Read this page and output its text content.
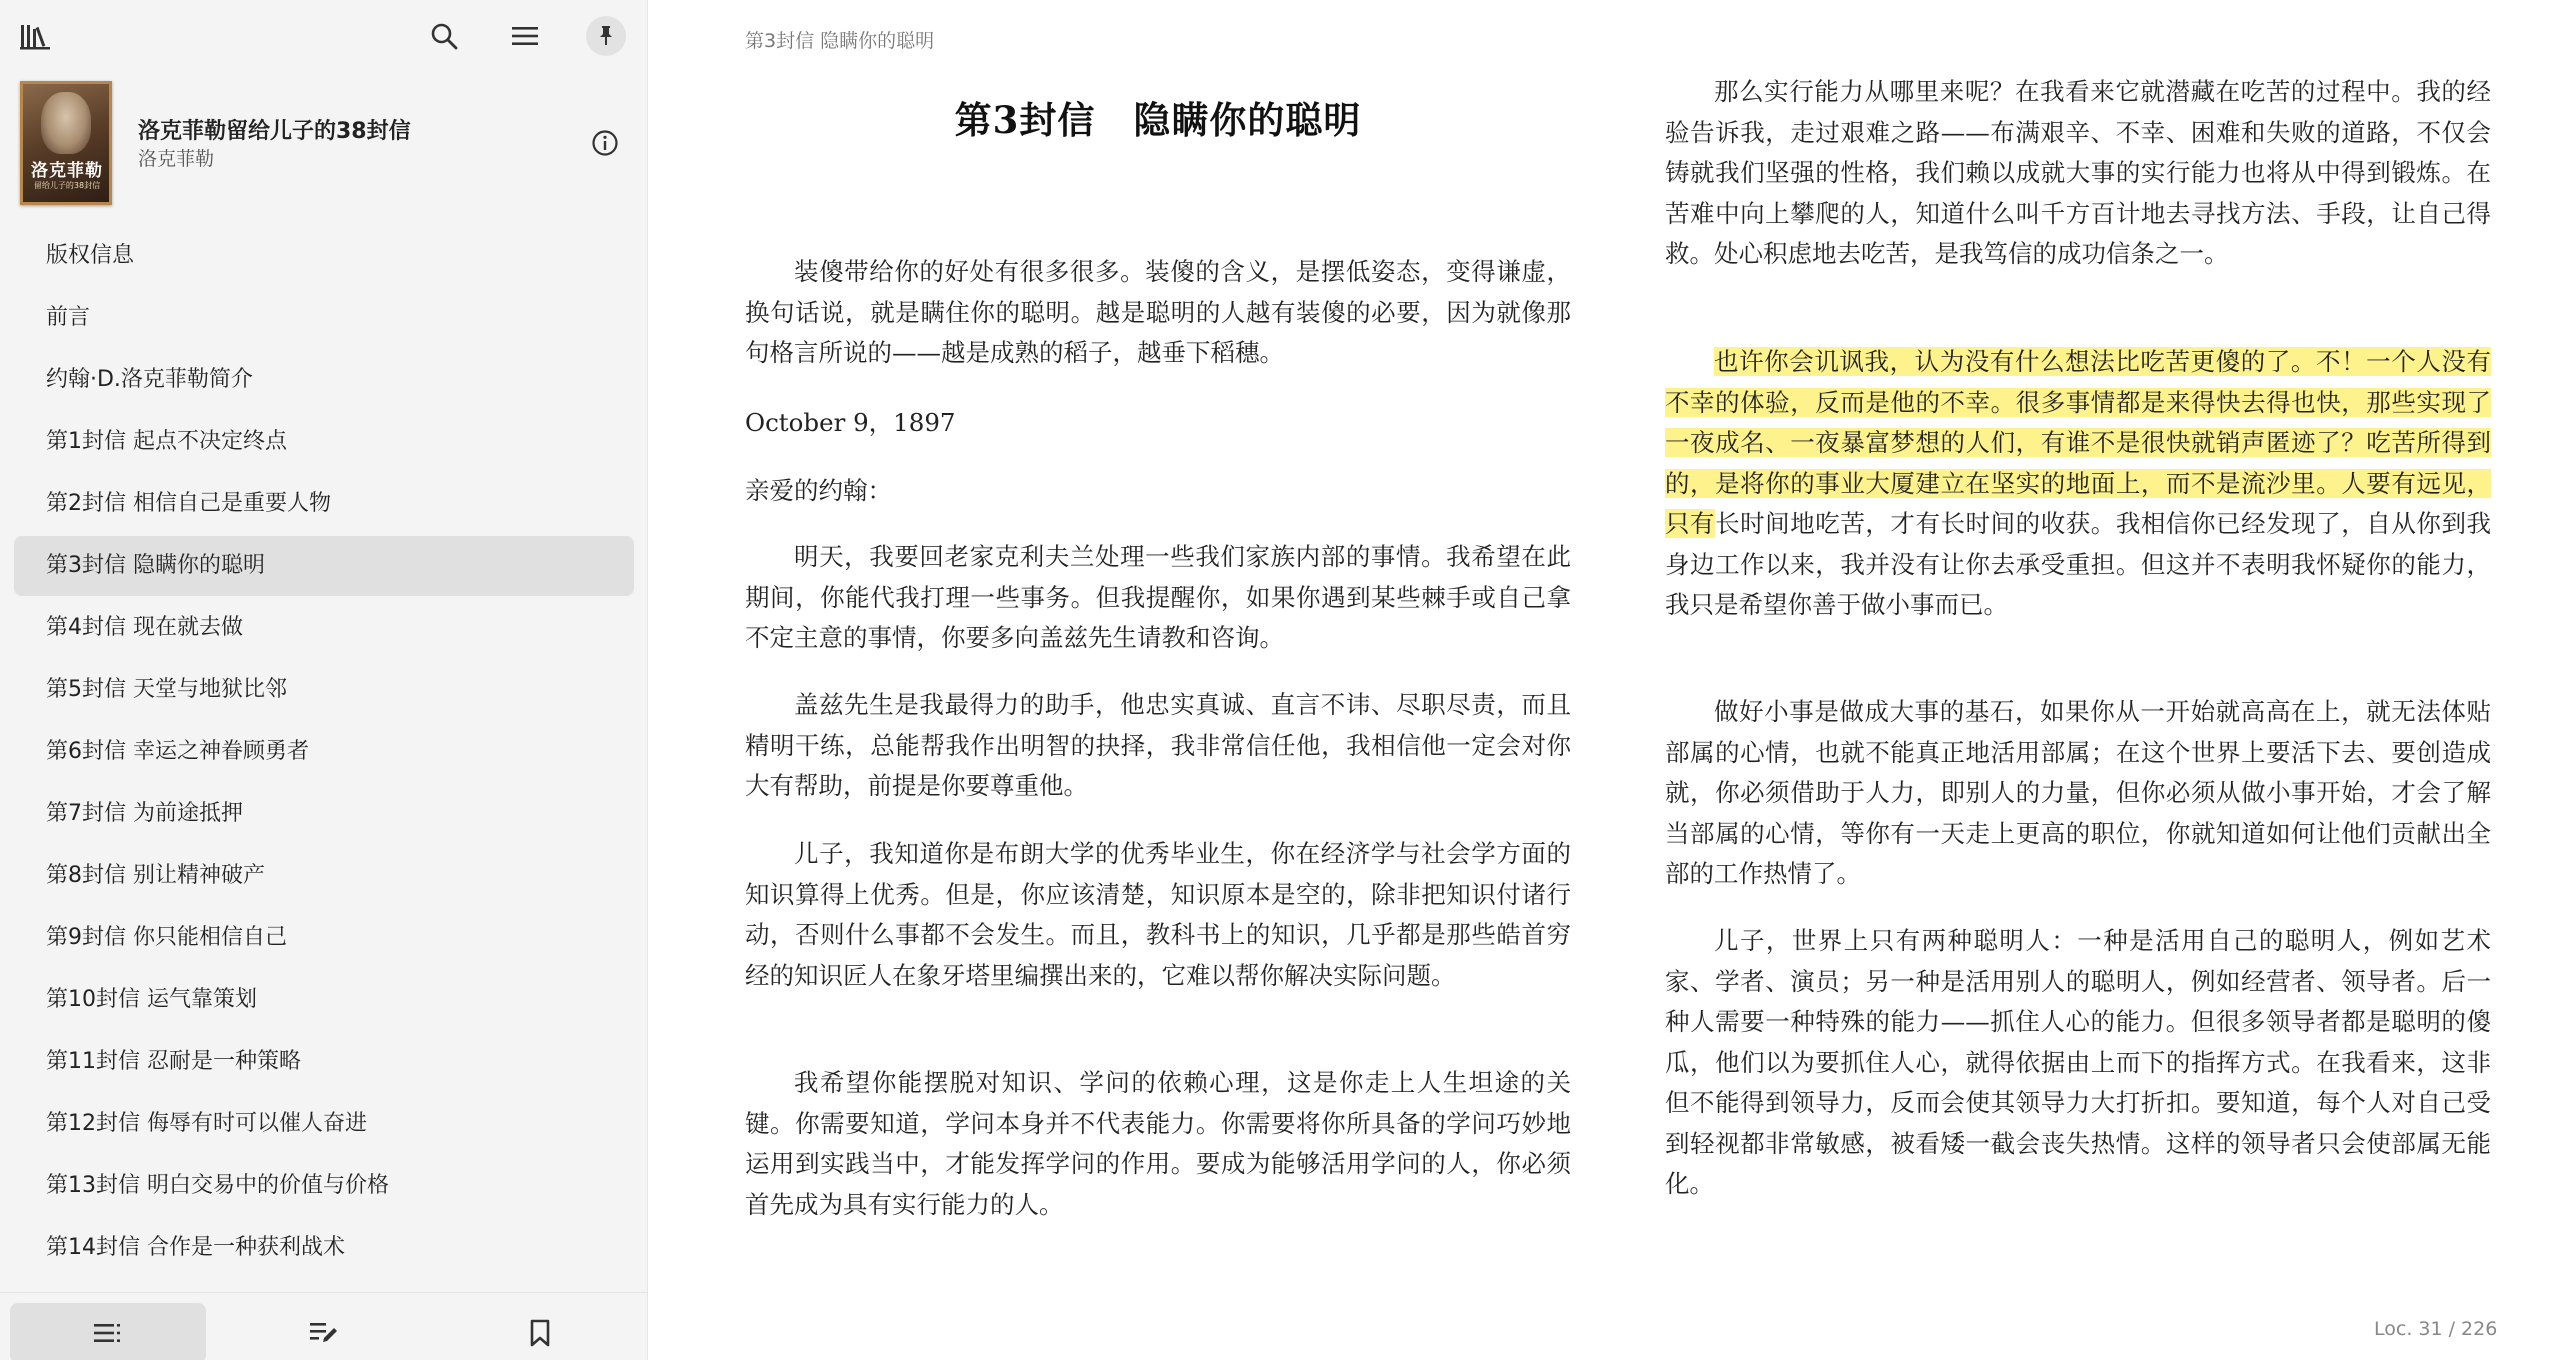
洛克菲勒
留给儿子的38封信
洛克菲勒留给儿子的38封信
洛克菲勒
版权信息
前言
约翰·D.洛克菲勒简介
第1封信 起点不决定终点
第2封信 相信自己是重要人物
第3封信 隐瞒你的聪明
第4封信 现在就去做
第5封信 天堂与地狱比邻
第6封信 幸运之神眷顾勇者
第7封信 为前途抵押
第8封信 别让精神破产
第9封信 你只能相信自己
第10封信 运气靠策划
第11封信 忍耐是一种策略
第12封信 侮辱有时可以催人奋进
第13封信 明白交易中的价值与价格
第14封信 合作是一种获利战术
第3封信 隐瞒你的聪明
第3封信　隐瞒你的聪明
装傻带给你的好处有很多很多。装傻的含义，是摆低姿态，变得谦虚，换句话说，就是瞒住你的聪明。越是聪明的人越有装傻的必要，因为就像那句格言所说的——越是成熟的稻子，越垂下稻穗。
October 9，1897
亲爱的约翰：
明天，我要回老家克利夫兰处理一些我们家族内部的事情。我希望在此期间，你能代我打理一些事务。但我提醒你，如果你遇到某些棘手或自己拿不定主意的事情，你要多向盖兹先生请教和咨询。
盖兹先生是我最得力的助手，他忠实真诚、直言不讳、尽职尽责，而且精明干练，总能帮我作出明智的抉择，我非常信任他，我相信他一定会对你大有帮助，前提是你要尊重他。
儿子，我知道你是布朗大学的优秀毕业生，你在经济学与社会学方面的知识算得上优秀。但是，你应该清楚，知识原本是空的，除非把知识付诸行动，否则什么事都不会发生。而且，教科书上的知识，几乎都是那些皓首穷经的知识匠人在象牙塔里编撰出来的，它难以帮你解决实际问题。
我希望你能摆脱对知识、学问的依赖心理，这是你走上人生坦途的关键。你需要知道，学问本身并不代表能力。你需要将你所具备的学问巧妙地运用到实践当中，才能发挥学问的作用。要成为能够活用学问的人，你必须首先成为具有实行能力的人。
那么实行能力从哪里来呢？在我看来它就潜藏在吃苦的过程中。我的经验告诉我，走过艰难之路——布满艰辛、不幸、困难和失败的道路，不仅会铸就我们坚强的性格，我们赖以成就大事的实行能力也将从中得到锻炼。在苦难中向上攀爬的人，知道什么叫千方百计地去寻找方法、手段，让自己得救。处心积虑地去吃苦，是我笃信的成功信条之一。
也许你会讥讽我，认为没有什么想法比吃苦更傻的了。不！一个人没有不幸的体验，反而是他的不幸。很多事情都是来得快去得也快，那些实现了一夜成名、一夜暴富梦想的人们，有谁不是很快就销声匿迹了？吃苦所得到的，是将你的事业大厦建立在坚实的地面上，而不是流沙里。人要有远见，只有长时间地吃苦，才有长时间的收获。我相信你已经发现了，自从你到我身边工作以来，我并没有让你去承受重担。但这并不表明我怀疑你的能力，我只是希望你善于做小事而已。
做好小事是做成大事的基石，如果你从一开始就高高在上，就无法体贴部属的心情，也就不能真正地活用部属；在这个世界上要活下去、要创造成就，你必须借助于人力，即别人的力量，但你必须从做小事开始，才会了解当部属的心情，等你有一天走上更高的职位，你就知道如何让他们贡献出全部的工作热情了。
儿子，世界上只有两种聪明人：一种是活用自己的聪明人，例如艺术家、学者、演员；另一种是活用别人的聪明人，例如经营者、领导者。后一种人需要一种特殊的能力——抓住人心的能力。但很多领导者都是聪明的傻瓜，他们以为要抓住人心，就得依据由上而下的指挥方式。在我看来，这非但不能得到领导力，反而会使其领导力大打折扣。要知道，每个人对自己受到轻视都非常敏感，被看矮一截会丧失热情。这样的领导者只会使部属无能化。
Loc. 31 / 226
